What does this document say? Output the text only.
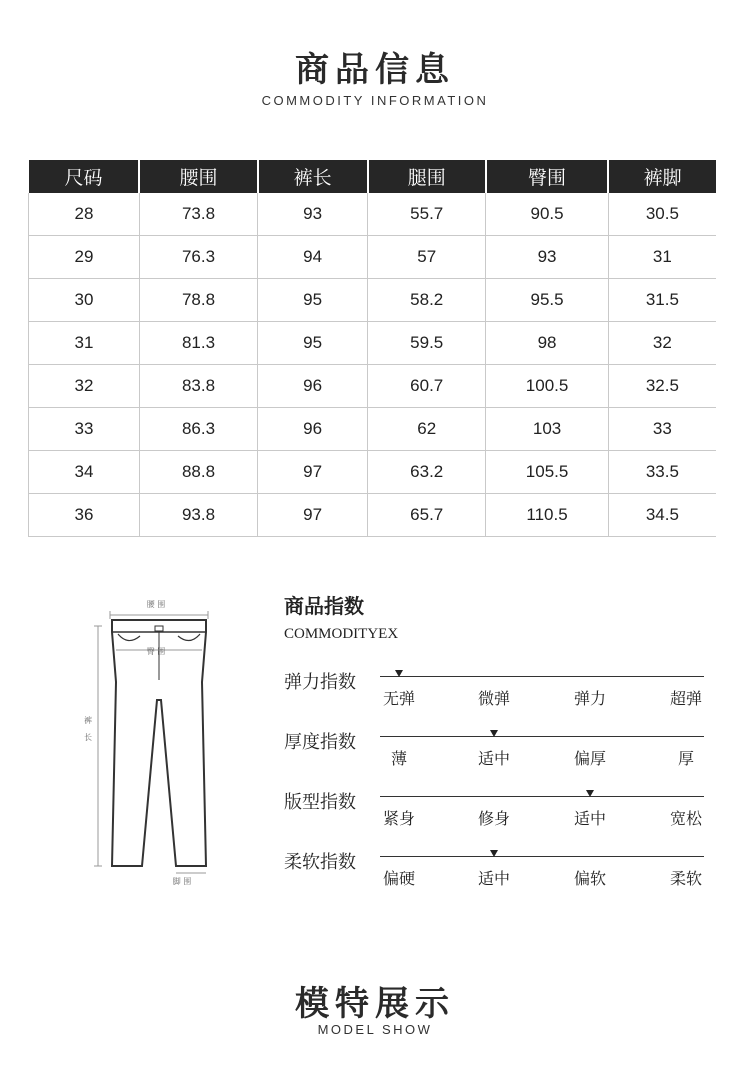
商品信息
COMMODITY INFORMATION
尺码	腰围	裤长	腿围	臀围	裤脚
28	73.8	93	55.7	90.5	30.5
29	76.3	94	57	93	31
30	78.8	95	58.2	95.5	31.5
31	81.3	95	59.5	98	32
32	83.8	96	60.7	100.5	32.5
33	86.3	96	62	103	33
34	88.8	97	63.2	105.5	33.5
36	93.8	97	65.7	110.5	34.5
腰 围
裤
长
臀 围
脚 围
商品指数
COMMODITYEX
弹力指数
无弹	微弹	弹力	超弹
厚度指数
薄	适中	偏厚	厚
版型指数
紧身	修身	适中	宽松
柔软指数
偏硬	适中	偏软	柔软
模特展示
MODEL SHOW
